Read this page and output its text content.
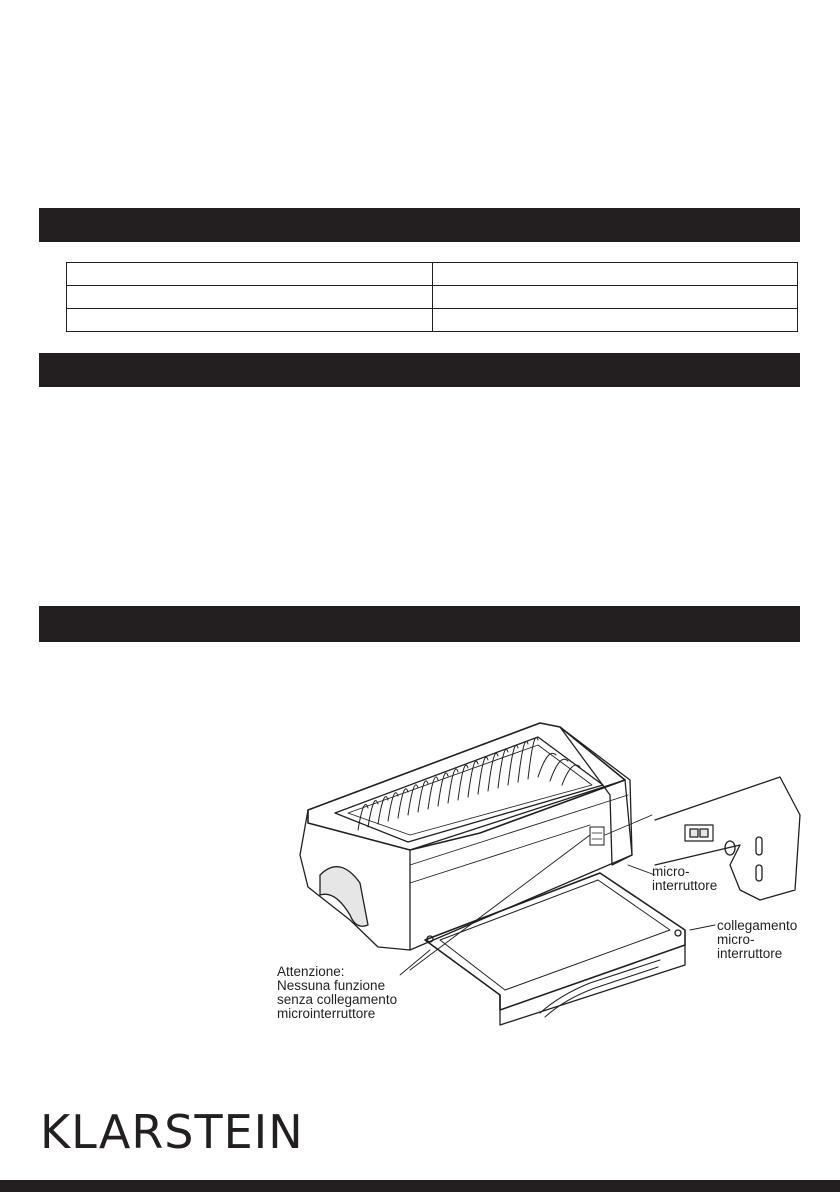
micro-
interruttore
collegamento
micro-
interruttore
Attenzione:
Nessuna funzione
senza collegamento
microinterruttore
KLARSTEIN
